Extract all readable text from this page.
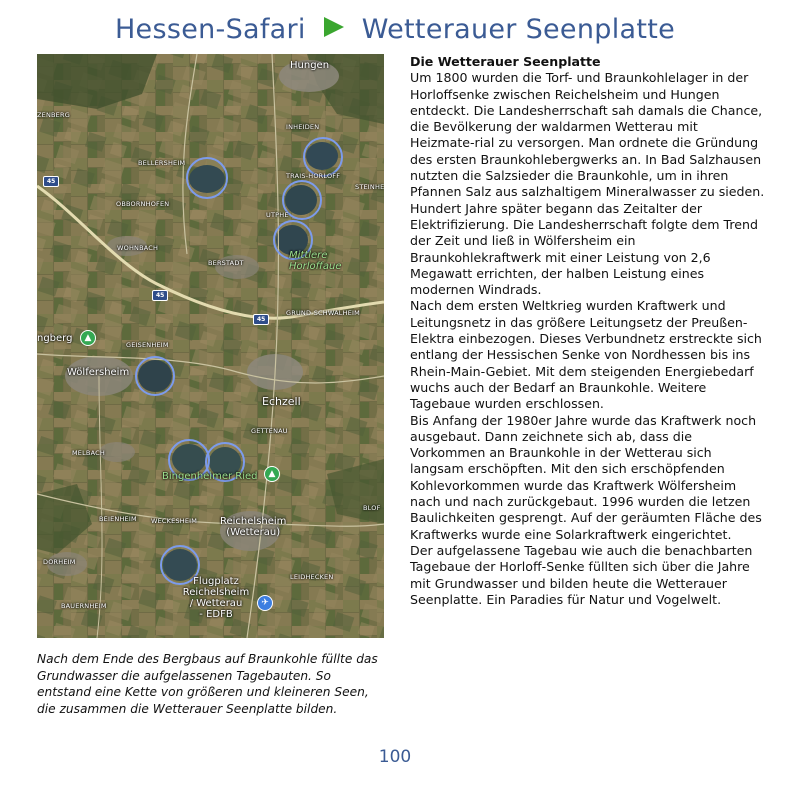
Hessen-Safari Wetterauer Seenplatte
45
45
45
▲
▲
✈
Hungen
INHEIDEN
ZENBERG
BELLERSHEIM
TRAIS-HORLOFF
STEINHE
OBBORNHOFEN
UTPHE
WOHNBACH
Mittlere
Horloffaue
BERSTADT
GRUND-SCHWALHEIM
ngberg
GEISENHEIM
Wölfersheim
Echzell
GETTENAU
MELBACH
Bingenheimer Ried
BLOF
BEIENHEIM WECKESHEIM Reichelsheim
(Wetterau)
DORHEIM
LEIDHECKEN
Flugplatz
Reichelsheim
/ Wetterau
- EDFB
BAUERNHEIM
Nach dem Ende des Bergbaus auf Braunkohle füllte das Grundwasser die aufgelassenen Tagebauten. So entstand eine Kette von größeren und kleineren Seen, die zusammen die Wetterauer Seenplatte bilden.
Die Wetterauer Seenplatte

Um 1800 wurden die Torf- und Braunkohlelager in der Horloffsenke zwischen Reichelsheim und Hungen entdeckt. Die Landesherrschaft sah damals die Chance, die Bevölkerung der waldarmen Wetterau mit Heizmate-rial zu versorgen. Man ordnete die Gründung des ersten Braunkohlebergwerks an. In Bad Salzhausen nutzten die Salzsieder die Braunkohle, um in ihren Pfannen Salz aus salzhaltigem Mineralwasser zu sieden.

Hundert Jahre später begann das Zeitalter der Elektrifizierung. Die Landesherrschaft folgte dem Trend der Zeit und ließ in Wölfersheim ein Braunkohlekraftwerk mit einer Leistung von 2,6 Megawatt errichten, der halben Leistung eines modernen Windrads.

Nach dem ersten Weltkrieg wurden Kraftwerk und Leitungsnetz in das größere Leitungsetz der Preußen-Elektra einbezogen. Dieses Verbundnetz erstreckte sich entlang der Hessischen Senke von Nordhessen bis ins Rhein-Main-Gebiet. Mit dem steigenden Energiebedarf wuchs auch der Bedarf an Braunkohle. Weitere Tagebaue wurden erschlossen.

Bis Anfang der 1980er Jahre wurde das Kraftwerk noch ausgebaut. Dann zeichnete sich ab, dass die Vorkommen an Braunkohle in der Wetterau sich langsam erschöpften. Mit den sich erschöpfenden Kohlevorkommen wurde das Kraftwerk Wölfersheim nach und nach zurückgebaut. 1996 wurden die letzen Baulichkeiten gesprengt. Auf der geräumten Fläche des Kraftwerks wurde eine Solarkraftwerk eingerichtet.

Der aufgelassene Tagebau wie auch die benachbarten Tagebaue der Horloff-Senke füllten sich über die Jahre mit Grundwasser und bilden heute die Wetterauer Seenplatte. Ein Paradies für Natur und Vogelwelt.

100
